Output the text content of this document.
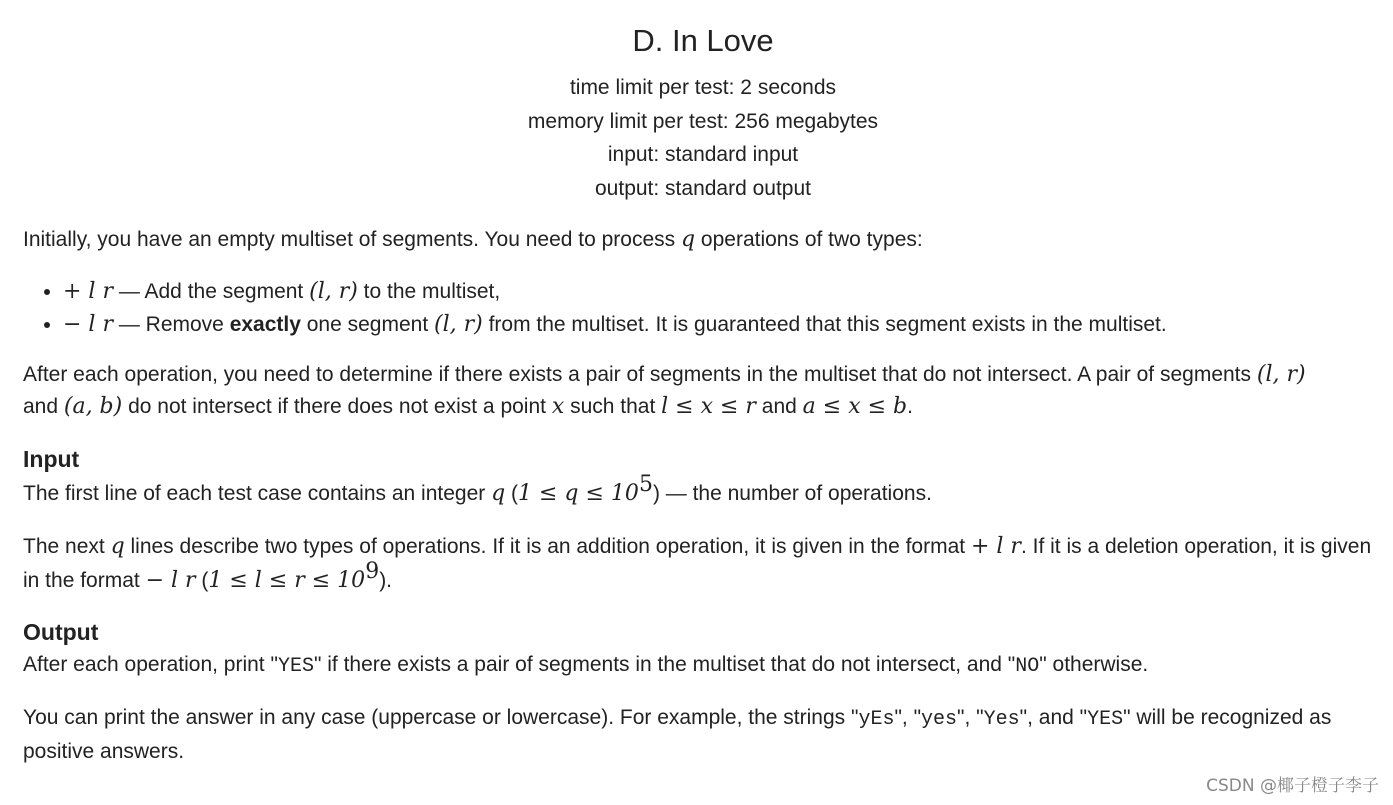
D. In Love
time limit per test: 2 seconds
memory limit per test: 256 megabytes
input: standard input
output: standard output

Initially, you have an empty multiset of segments. You need to process q operations of two types:

• + l r — Add the segment (l, r) to the multiset,
• − l r — Remove exactly one segment (l, r) from the multiset. It is guaranteed that this segment exists in the multiset.

After each operation, you need to determine if there exists a pair of segments in the multiset that do not intersect. A pair of segments (l, r)
and (a, b) do not intersect if there does not exist a point x such that l ≤ x ≤ r and a ≤ x ≤ b.

Input

The first line of each test case contains an integer q $(1 \le q \le 10^5)$ — the number of operations.

The next q lines describe two types of operations. If it is an addition operation, it is given in the format + l r. If it is a deletion operation, it is given in the format − l r $(1 \le l \le r \le 10^9)$.

Output

After each operation, print "YES" if there exists a pair of segments in the multiset that do not intersect, and "NO" otherwise.

You can print the answer in any case (uppercase or lowercase). For example, the strings "yEs", "yes", "Yes", and "YES" will be recognized as positive answers.

CSDN @椰子橙子李子
